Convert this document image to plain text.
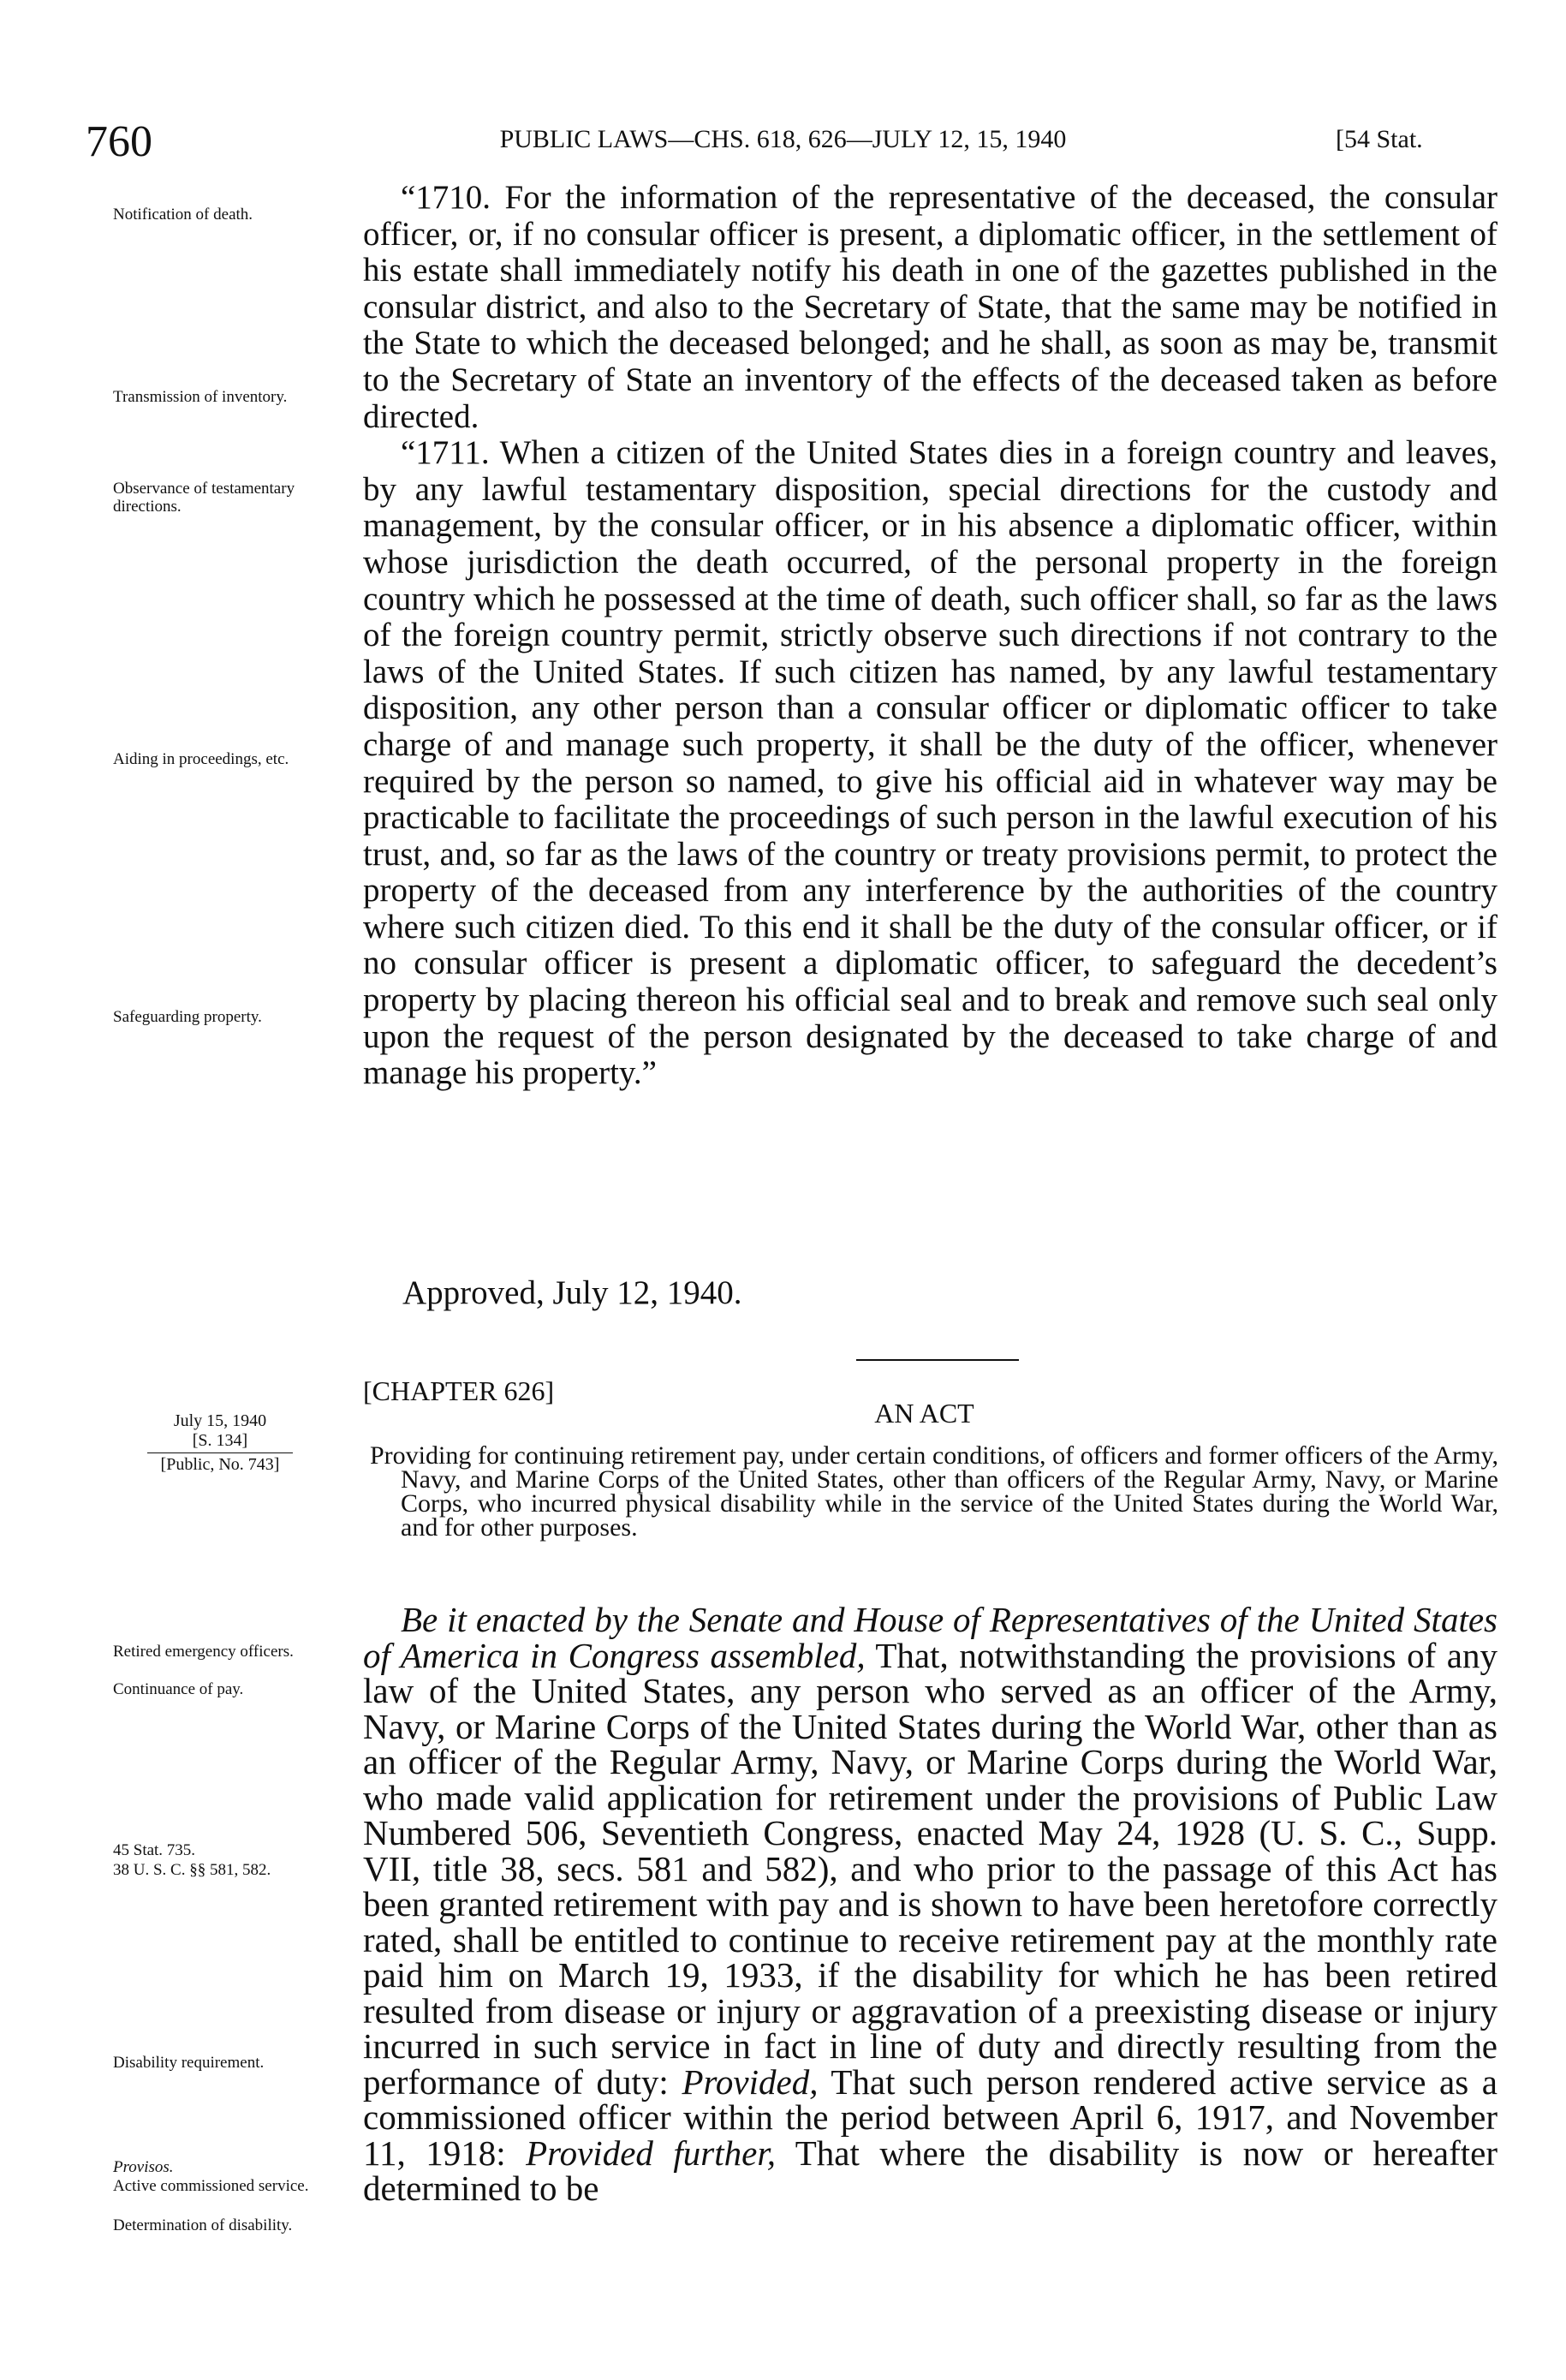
760	PUBLIC LAWS—CHS. 618, 626—JULY 12, 15, 1940	[54 Stat.
Notification of death.
Transmission of inventory.
Observance of testamentary directions.
Aiding in proceedings, etc.
Safeguarding property.
July 15, 1940
[S. 134]
[Public, No. 743]
Retired emergency officers.
Continuance of pay.
45 Stat. 735.
38 U. S. C. §§ 581, 582.
Disability requirement.
Provisos.
Active commissioned service.
Determination of disability.

“1710. For the information of the representative of the deceased, the consular officer, or, if no consular officer is present, a diplomatic officer, in the settlement of his estate shall immediately notify his death in one of the gazettes published in the consular district, and also to the Secretary of State, that the same may be notified in the State to which the deceased belonged; and he shall, as soon as may be, transmit to the Secretary of State an inventory of the effects of the deceased taken as before directed.

“1711. When a citizen of the United States dies in a foreign country and leaves, by any lawful testamentary disposition, special directions for the custody and management, by the consular officer, or in his absence a diplomatic officer, within whose jurisdiction the death occurred, of the personal property in the foreign country which he possessed at the time of death, such officer shall, so far as the laws of the foreign country permit, strictly observe such directions if not contrary to the laws of the United States. If such citizen has named, by any lawful testamentary disposition, any other person than a consular officer or diplomatic officer to take charge of and manage such property, it shall be the duty of the officer, whenever required by the person so named, to give his official aid in whatever way may be practicable to facilitate the proceedings of such person in the lawful execution of his trust, and, so far as the laws of the country or treaty provisions permit, to protect the property of the deceased from any interference by the authorities of the country where such citizen died. To this end it shall be the duty of the consular officer, or if no consular officer is present a diplomatic officer, to safeguard the decedent’s property by placing thereon his official seal and to break and remove such seal only upon the request of the person designated by the deceased to take charge of and manage his property.”

Approved, July 12, 1940.
[CHAPTER 626]
AN ACT

Providing for continuing retirement pay, under certain conditions, of officers and former officers of the Army, Navy, and Marine Corps of the United States, other than officers of the Regular Army, Navy, or Marine Corps, who incurred physical disability while in the service of the United States during the World War, and for other purposes.

Be it enacted by the Senate and House of Representatives of the United States of America in Congress assembled, That, notwithstanding the provisions of any law of the United States, any person who served as an officer of the Army, Navy, or Marine Corps of the United States during the World War, other than as an officer of the Regular Army, Navy, or Marine Corps during the World War, who made valid application for retirement under the provisions of Public Law Numbered 506, Seventieth Congress, enacted May 24, 1928 (U. S. C., Supp. VII, title 38, secs. 581 and 582), and who prior to the passage of this Act has been granted retirement with pay and is shown to have been heretofore correctly rated, shall be entitled to continue to receive retirement pay at the monthly rate paid him on March 19, 1933, if the disability for which he has been retired resulted from disease or injury or aggravation of a preexisting disease or injury incurred in such service in fact in line of duty and directly resulting from the performance of duty: Provided, That such person rendered active service as a commissioned officer within the period between April 6, 1917, and November 11, 1918: Provided further, That where the disability is now or hereafter determined to be
